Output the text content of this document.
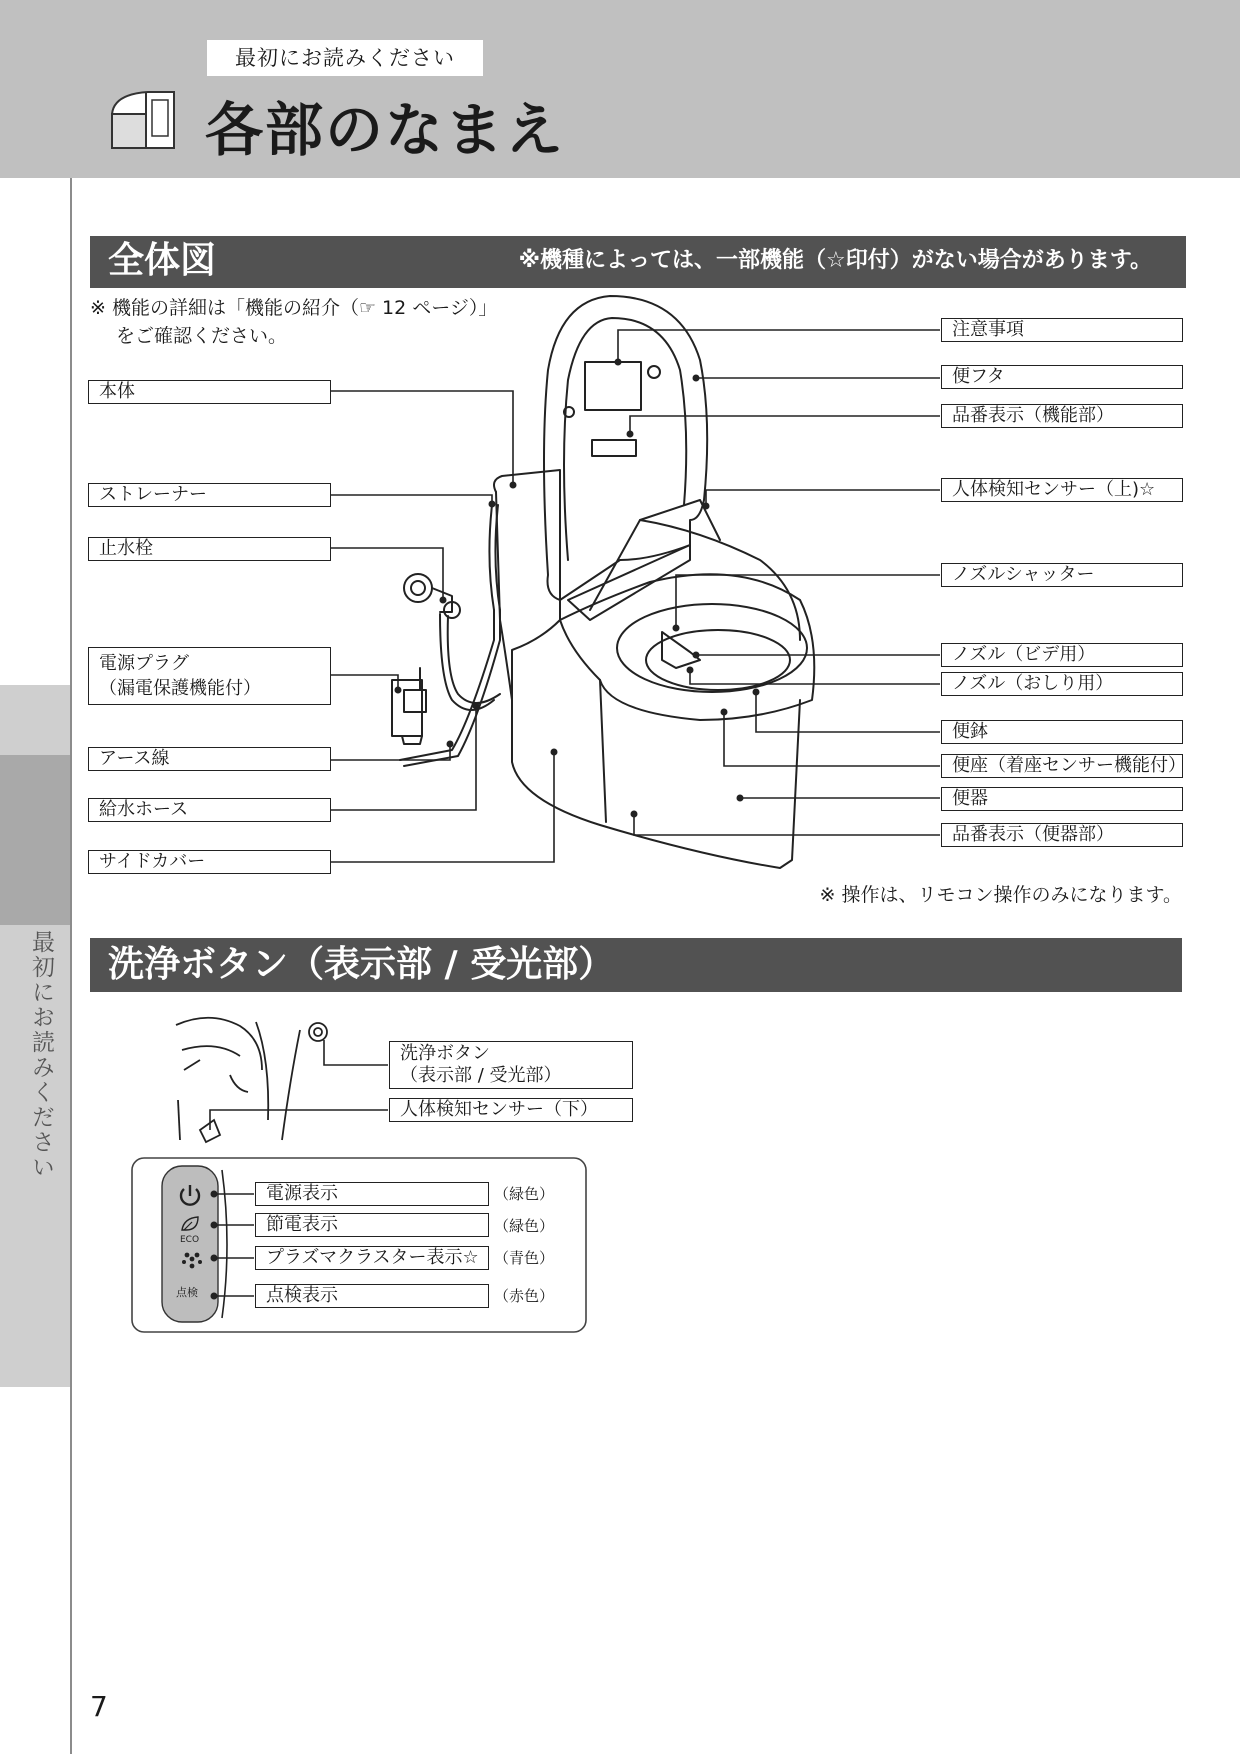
最初にお読みください
各部のなまえ
最初にお読みください
全体図	※機種によっては、一部機能（☆印付）がない場合があります。
※ 機能の詳細は「機能の紹介（☞ 12 ページ）」
をご確認ください。
本体
ストレーナー
止水栓
電源プラグ
（漏電保護機能付）
アース線
給水ホース
サイドカバー
注意事項
便フタ
品番表示（機能部）
人体検知センサー（上)☆
ノズルシャッター
ノズル（ビデ用）
ノズル（おしり用）
便鉢
便座（着座センサー機能付）
便器
品番表示（便器部）
※ 操作は、リモコン操作のみになります。
洗浄ボタン（表示部 / 受光部）
洗浄ボタン
（表示部 / 受光部）
人体検知センサー（下）
ECO
点検
電源表示	（緑色）
節電表示	（緑色）
プラズマクラスター表示☆	（青色）
点検表示	（赤色）
7
